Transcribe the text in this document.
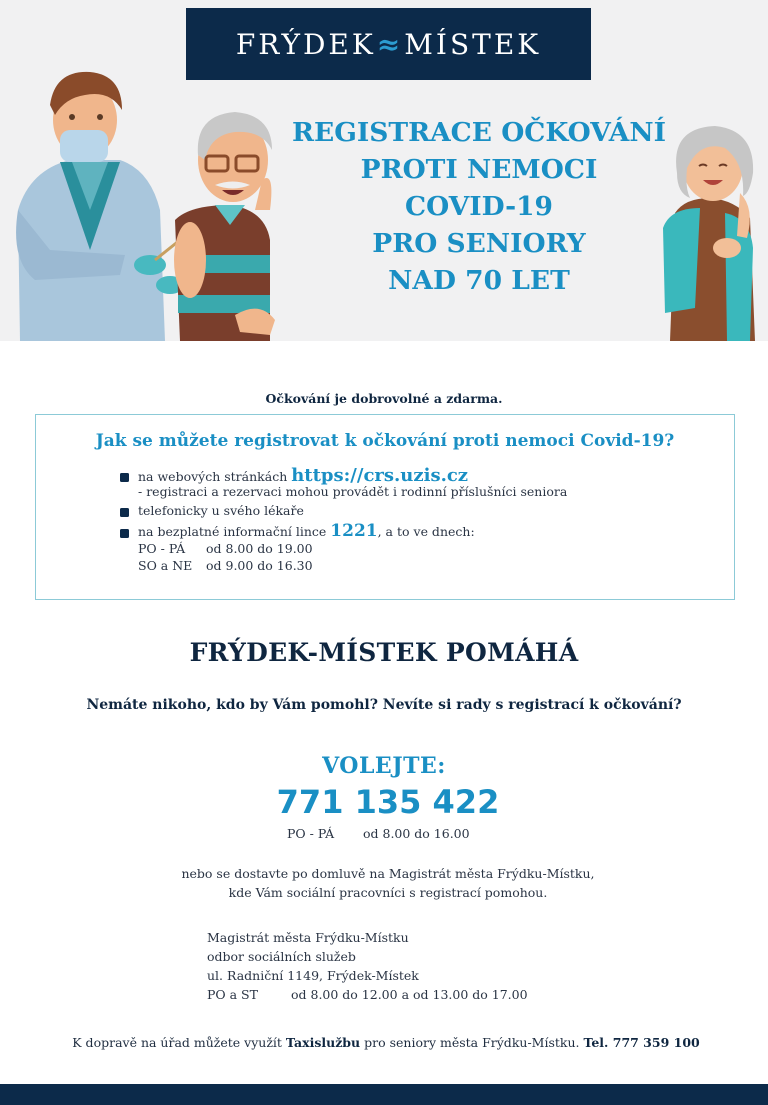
FRÝDEK≈MÍSTEK
REGISTRACE OČKOVÁNÍ
PROTI NEMOCI
COVID-19
PRO SENIORY
NAD 70 LET
Očkování je dobrovolné a zdarma.
Jak se můžete registrovat k očkování proti nemoci Covid-19?
na webových stránkách https://crs.uzis.cz
- registraci a rezervaci mohou provádět i rodinní příslušníci seniora
telefonicky u svého lékaře
na bezplatné informační lince 1221, a to ve dnech:
PO - PÁ	od 8.00 do 19.00
SO a NE	od 9.00 do 16.30
FRÝDEK-MÍSTEK POMÁHÁ
Nemáte nikoho, kdo by Vám pomohl? Nevíte si rady s registrací k očkování?
VOLEJTE:
771 135 422
PO - PÁ	od 8.00 do 16.00
nebo se dostavte po domluvě na Magistrát města Frýdku-Místku,
kde Vám sociální pracovníci s registrací pomohou.
Magistrát města Frýdku-Místku
odbor sociálních služeb
ul. Radniční 1149, Frýdek-Místek
PO a ST	od 8.00 do 12.00 a od 13.00 do 17.00
K dopravě na úřad můžete využít Taxislužbu pro seniory města Frýdku-Místku. Tel. 777 359 100
